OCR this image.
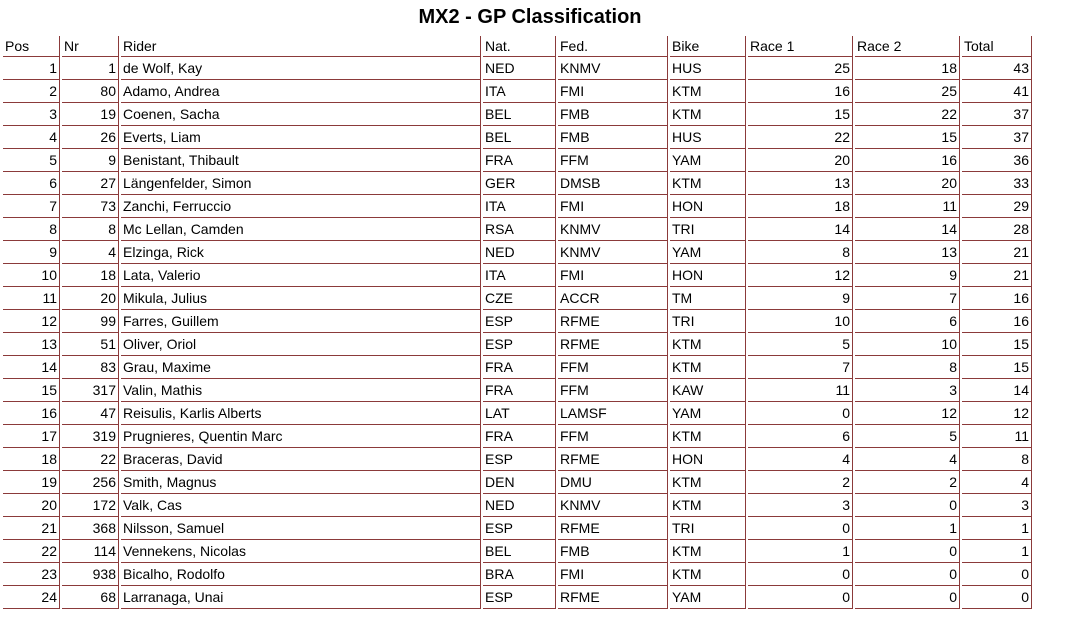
MX2 - GP Classification
Pos	Nr	Rider	Nat.	Fed.	Bike	Race 1	Race 2	Total
1	1	de Wolf, Kay	NED	KNMV	HUS	25	18	43
2	80	Adamo, Andrea	ITA	FMI	KTM	16	25	41
3	19	Coenen, Sacha	BEL	FMB	KTM	15	22	37
4	26	Everts, Liam	BEL	FMB	HUS	22	15	37
5	9	Benistant, Thibault	FRA	FFM	YAM	20	16	36
6	27	Längenfelder, Simon	GER	DMSB	KTM	13	20	33
7	73	Zanchi, Ferruccio	ITA	FMI	HON	18	11	29
8	8	Mc Lellan, Camden	RSA	KNMV	TRI	14	14	28
9	4	Elzinga, Rick	NED	KNMV	YAM	8	13	21
10	18	Lata, Valerio	ITA	FMI	HON	12	9	21
11	20	Mikula, Julius	CZE	ACCR	TM	9	7	16
12	99	Farres, Guillem	ESP	RFME	TRI	10	6	16
13	51	Oliver, Oriol	ESP	RFME	KTM	5	10	15
14	83	Grau, Maxime	FRA	FFM	KTM	7	8	15
15	317	Valin, Mathis	FRA	FFM	KAW	11	3	14
16	47	Reisulis, Karlis Alberts	LAT	LAMSF	YAM	0	12	12
17	319	Prugnieres, Quentin Marc	FRA	FFM	KTM	6	5	11
18	22	Braceras, David	ESP	RFME	HON	4	4	8
19	256	Smith, Magnus	DEN	DMU	KTM	2	2	4
20	172	Valk, Cas	NED	KNMV	KTM	3	0	3
21	368	Nilsson, Samuel	ESP	RFME	TRI	0	1	1
22	114	Vennekens, Nicolas	BEL	FMB	KTM	1	0	1
23	938	Bicalho, Rodolfo	BRA	FMI	KTM	0	0	0
24	68	Larranaga, Unai	ESP	RFME	YAM	0	0	0
